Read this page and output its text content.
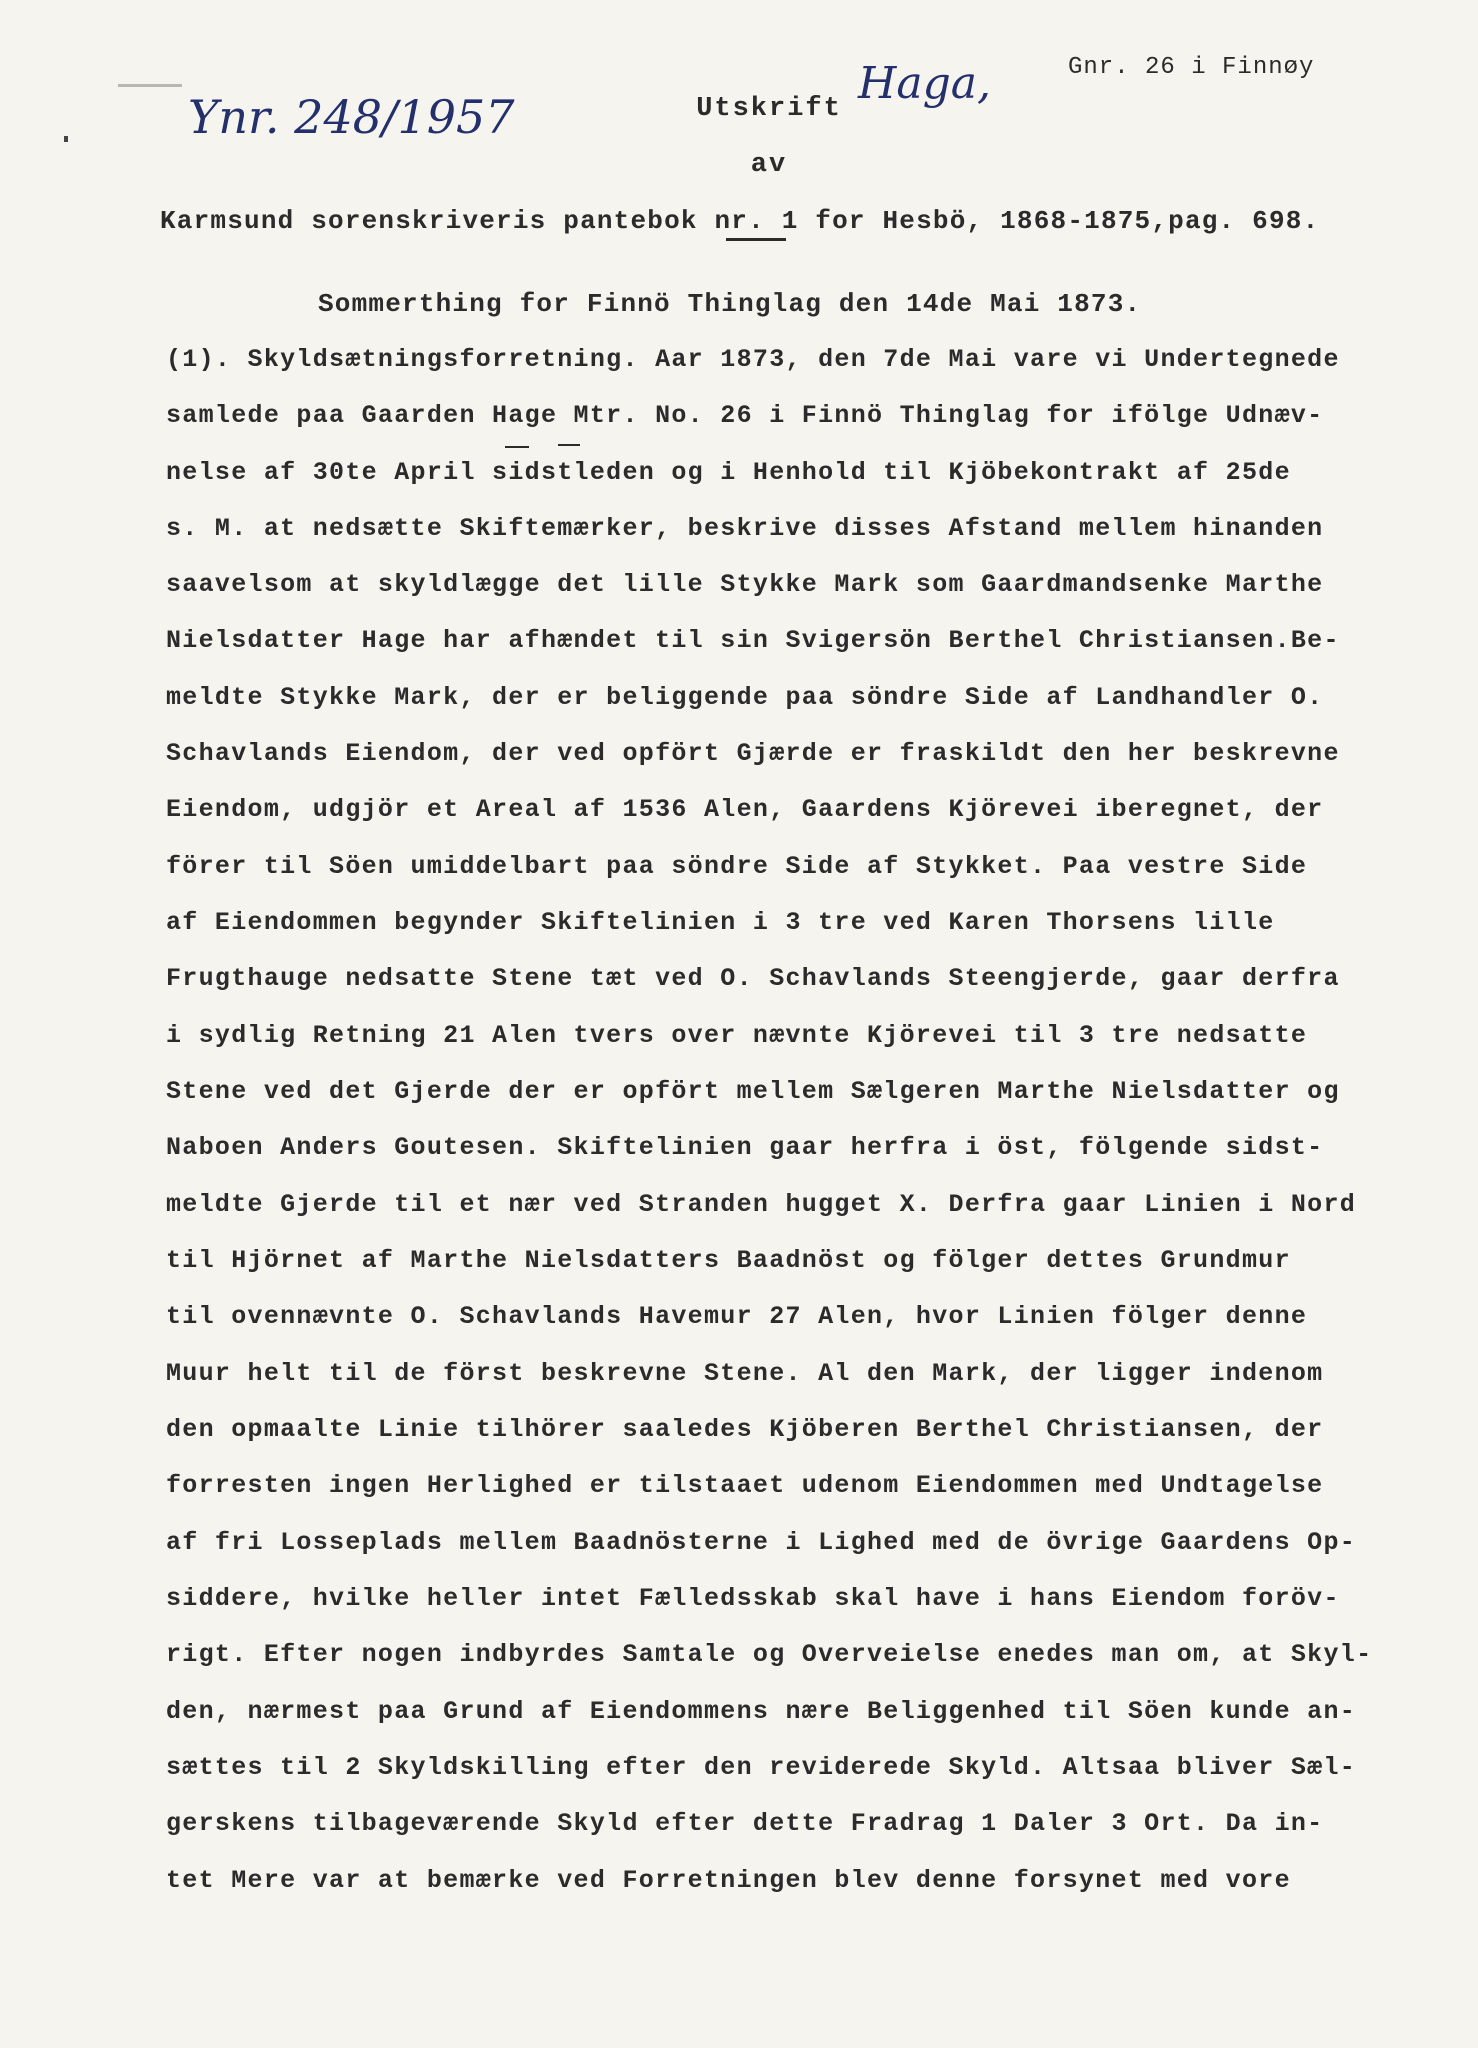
Ynr. 248/1957
Haga,	Gnr. 26 i Finnøy
Utskrift
av
Karmsund sorenskriveris pantebok nr. 1 for Hesbö, 1868-1875,pag. 698.
Sommerthing for Finnö Thinglag den 14de Mai 1873.
(1). Skyldsætningsforretning. Aar 1873, den 7de Mai vare vi Undertegnede
samlede paa Gaarden Hage Mtr. No. 26 i Finnö Thinglag for ifölge Udnæv-
nelse af 30te April sidstleden og i Henhold til Kjöbekontrakt af 25de
s. M. at nedsætte Skiftemærker, beskrive disses Afstand mellem hinanden
saavelsom at skyldlægge det lille Stykke Mark som Gaardmandsenke Marthe
Nielsdatter Hage har afhændet til sin Svigersön Berthel Christiansen.Be-
meldte Stykke Mark, der er beliggende paa söndre Side af Landhandler O.
Schavlands Eiendom, der ved opfört Gjærde er fraskildt den her beskrevne
Eiendom, udgjör et Areal af 1536 Alen, Gaardens Kjörevei iberegnet, der
förer til Söen umiddelbart paa söndre Side af Stykket. Paa vestre Side
af Eiendommen begynder Skiftelinien i 3 tre ved Karen Thorsens lille
Frugthauge nedsatte Stene tæt ved O. Schavlands Steengjerde, gaar derfra
i sydlig Retning 21 Alen tvers over nævnte Kjörevei til 3 tre nedsatte
Stene ved det Gjerde der er opfört mellem Sælgeren Marthe Nielsdatter og
Naboen Anders Goutesen. Skiftelinien gaar herfra i öst, fölgende sidst-
meldte Gjerde til et nær ved Stranden hugget X. Derfra gaar Linien i Nord
til Hjörnet af Marthe Nielsdatters Baadnöst og fölger dettes Grundmur
til ovennævnte O. Schavlands Havemur 27 Alen, hvor Linien fölger denne
Muur helt til de först beskrevne Stene. Al den Mark, der ligger indenom
den opmaalte Linie tilhörer saaledes Kjöberen Berthel Christiansen, der
forresten ingen Herlighed er tilstaaet udenom Eiendommen med Undtagelse
af fri Losseplads mellem Baadnösterne i Lighed med de övrige Gaardens Op-
siddere, hvilke heller intet Fælledsskab skal have i hans Eiendom foröv-
rigt. Efter nogen indbyrdes Samtale og Overveielse enedes man om, at Skyl-
den, nærmest paa Grund af Eiendommens nære Beliggenhed til Söen kunde an-
sættes til 2 Skyldskilling efter den reviderede Skyld. Altsaa bliver Sæl-
gerskens tilbageværende Skyld efter dette Fradrag 1 Daler 3 Ort. Da in-
tet Mere var at bemærke ved Forretningen blev denne forsynet med vore
